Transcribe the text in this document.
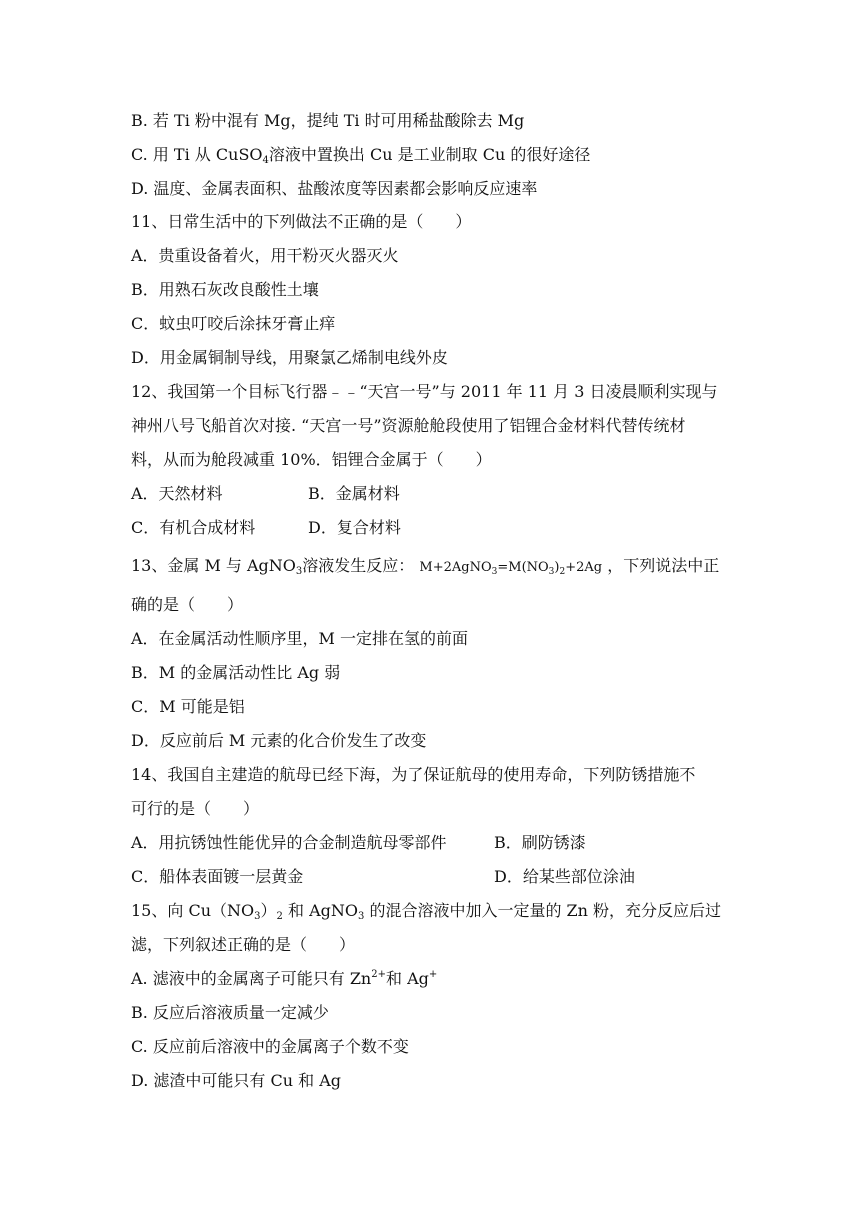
B. 若 Ti 粉中混有 Mg，提纯 Ti 时可用稀盐酸除去 Mg
C. 用 Ti 从 CuSO$_4$溶液中置换出 Cu 是工业制取 Cu 的很好途径
D. 温度、金属表面积、盐酸浓度等因素都会影响反应速率
11、日常生活中的下列做法不正确的是（　　）
A．贵重设备着火，用干粉灭火器灭火
B．用熟石灰改良酸性土壤
C．蚊虫叮咬后涂抹牙膏止痒
D．用金属铜制导线，用聚氯乙烯制电线外皮
12、我国第一个目标飞行器﹣﹣“天宫一号”与 2011 年 11 月 3 日凌晨顺利实现与
神州八号飞船首次对接. “天宫一号”资源舱舱段使用了铝锂合金材料代替传统材
料，从而为舱段减重 10%．铝锂合金属于（　　）
A．天然材料	B．金属材料
C．有机合成材料	D．复合材料
13、金属 M 与 AgNO$_3$溶液发生反应： $M+2AgNO_3=M(NO_3)_2+2Ag$ ，下列说法中正
确的是（　　）
A．在金属活动性顺序里，M 一定排在氢的前面
B．M 的金属活动性比 Ag 弱
C．M 可能是铝
D．反应前后 M 元素的化合价发生了改变
14、我国自主建造的航母已经下海，为了保证航母的使用寿命，下列防锈措施不
可行的是（　　）
A．用抗锈蚀性能优异的合金制造航母零部件	B．刷防锈漆
C．船体表面镀一层黄金	D．给某些部位涂油
15、向 $Cu(NO_3)_2$ 和 AgNO$_3$ 的混合溶液中加入一定量的 Zn 粉，充分反应后过
滤，下列叙述正确的是（　　）
A. 滤液中的金属离子可能只有 $Zn^{2+}$和 Ag+
B. 反应后溶液质量一定减少
C. 反应前后溶液中的金属离子个数不变
D. 滤渣中可能只有 Cu 和 Ag
